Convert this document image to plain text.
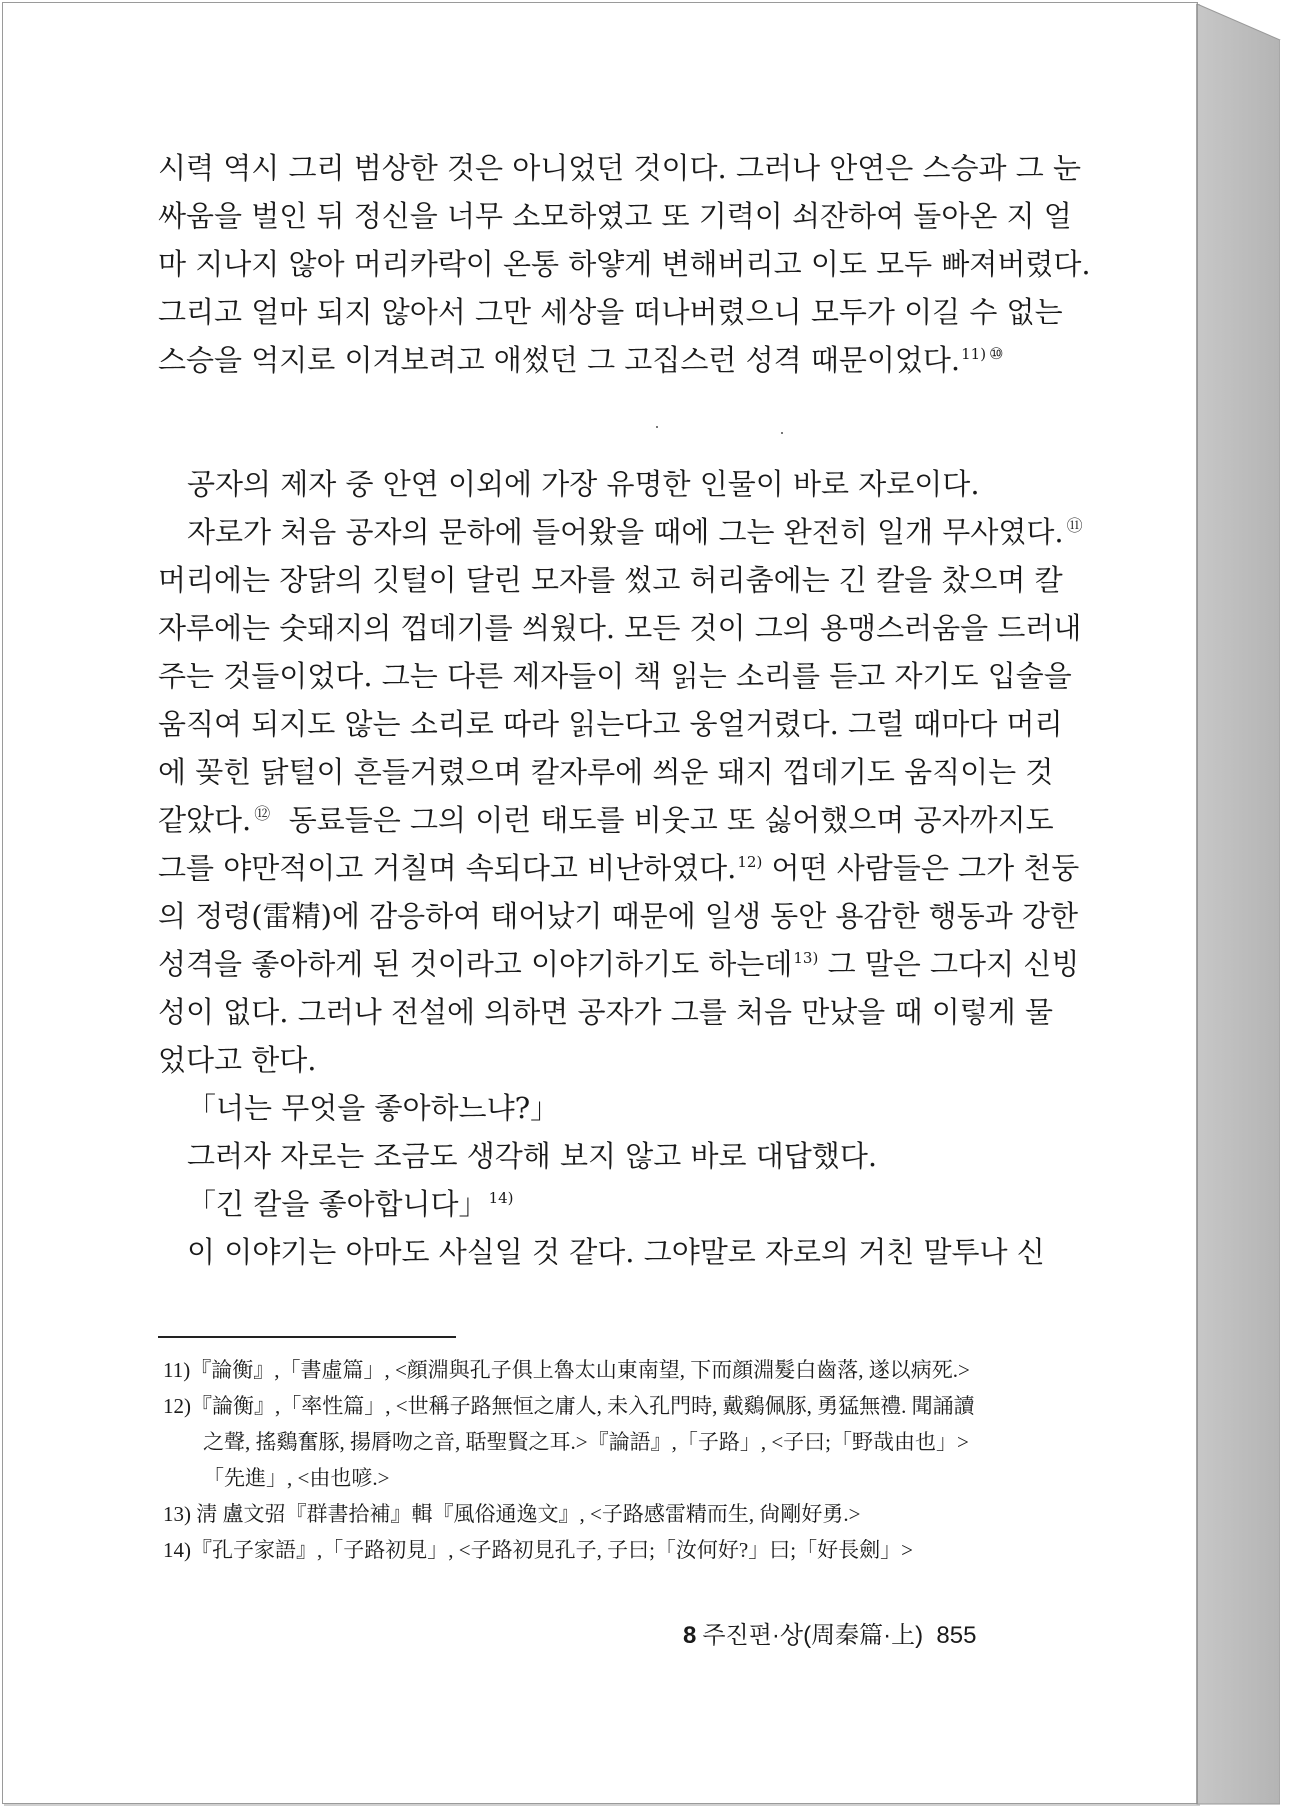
시력 역시 그리 범상한 것은 아니었던 것이다. 그러나 안연은 스승과 그 눈
싸움을 벌인 뒤 정신을 너무 소모하였고 또 기력이 쇠잔하여 돌아온 지 얼
마 지나지 않아 머리카락이 온통 하얗게 변해버리고 이도 모두 빠져버렸다.
그리고 얼마 되지 않아서 그만 세상을 떠나버렸으니 모두가 이길 수 없는
스승을 억지로 이겨보려고 애썼던 그 고집스런 성격 때문이었다.$^{11)}$ ⑩
공자의 제자 중 안연 이외에 가장 유명한 인물이 바로 자로이다.
자로가 처음 공자의 문하에 들어왔을 때에 그는 완전히 일개 무사였다. ⑪
머리에는 장닭의 깃털이 달린 모자를 썼고 허리춤에는 긴 칼을 찼으며 칼
자루에는 숫돼지의 껍데기를 씌웠다. 모든 것이 그의 용맹스러움을 드러내
주는 것들이었다. 그는 다른 제자들이 책 읽는 소리를 듣고 자기도 입술을
움직여 되지도 않는 소리로 따라 읽는다고 웅얼거렸다. 그럴 때마다 머리
에 꽂힌 닭털이 흔들거렸으며 칼자루에 씌운 돼지 껍데기도 움직이는 것
같았다. ⑫ 동료들은 그의 이런 태도를 비웃고 또 싫어했으며 공자까지도
그를 야만적이고 거칠며 속되다고 비난하였다.$^{12)}$ 어떤 사람들은 그가 천둥
의 정령(雷精)에 감응하여 태어났기 때문에 일생 동안 용감한 행동과 강한
성격을 좋아하게 된 것이라고 이야기하기도 하는데$^{13)}$ 그 말은 그다지 신빙
성이 없다. 그러나 전설에 의하면 공자가 그를 처음 만났을 때 이렇게 물
었다고 한다.
「너는 무엇을 좋아하느냐?」
그러자 자로는 조금도 생각해 보지 않고 바로 대답했다.
「긴 칼을 좋아합니다」$^{14)}$
이 이야기는 아마도 사실일 것 같다. 그야말로 자로의 거친 말투나 신
11)『論衡』,「書虛篇」, <顔淵與孔子俱上魯太山東南望, 下而顔淵髮白齒落, 遂以病死.>
12)『論衡』,「率性篇」, <世稱子路無恒之庸人, 未入孔門時, 戴鷄佩豚, 勇猛無禮. 聞誦讀
之聲, 搖鷄奮豚, 揚脣吻之音, 聒聖賢之耳.>『論語』,「子路」, <子曰;「野哉由也」>
「先進」, <由也喭.>
13) 淸 盧文弨『群書拾補』輯『風俗通逸文』, <子路感雷精而生, 尙剛好勇.>
14)『孔子家語』,「子路初見」, <子路初見孔子, 子曰;「汝何好?」曰;「好長劍」>
8 주진편·상(周秦篇·上) 855
